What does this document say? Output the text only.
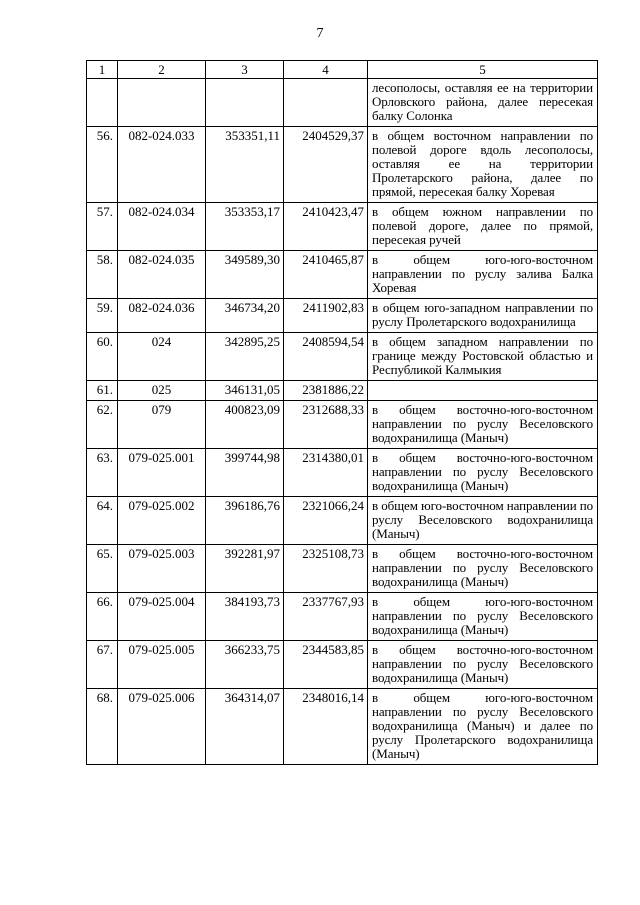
7
1	2	3	4	5
				лесополосы, оставляя ее на территории Орловского района, далее пересекая балку Солонка
56.	082-024.033	353351,11	2404529,37	в общем восточном направлении по полевой дороге вдоль лесополосы, оставляя ее на территории Пролетарского района, далее по прямой, пересекая балку Хоревая
57.	082-024.034	353353,17	2410423,47	в общем южном направлении по полевой дороге, далее по прямой, пересекая ручей
58.	082-024.035	349589,30	2410465,87	в общем юго-юго-восточном направлении по руслу залива Балка Хоревая
59.	082-024.036	346734,20	2411902,83	в общем юго-западном направлении по руслу Пролетарского водохранилища
60.	024	342895,25	2408594,54	в общем западном направлении по границе между Ростовской областью и Республикой Калмыкия
61.	025	346131,05	2381886,22	
62.	079	400823,09	2312688,33	в общем восточно-юго-восточном направлении по руслу Веселовского водохранилища (Маныч)
63.	079-025.001	399744,98	2314380,01	в общем восточно-юго-восточном направлении по руслу Веселовского водохранилища (Маныч)
64.	079-025.002	396186,76	2321066,24	в общем юго-восточном направлении по руслу Веселовского водохранилища (Маныч)
65.	079-025.003	392281,97	2325108,73	в общем восточно-юго-восточном направлении по руслу Веселовского водохранилища (Маныч)
66.	079-025.004	384193,73	2337767,93	в общем юго-юго-восточном направлении по руслу Веселовского водохранилища (Маныч)
67.	079-025.005	366233,75	2344583,85	в общем восточно-юго-восточном направлении по руслу Веселовского водохранилища (Маныч)
68.	079-025.006	364314,07	2348016,14	в общем юго-юго-восточном направлении по руслу Веселовского водохранилища (Маныч) и далее по руслу Пролетарского водохранилища (Маныч)
